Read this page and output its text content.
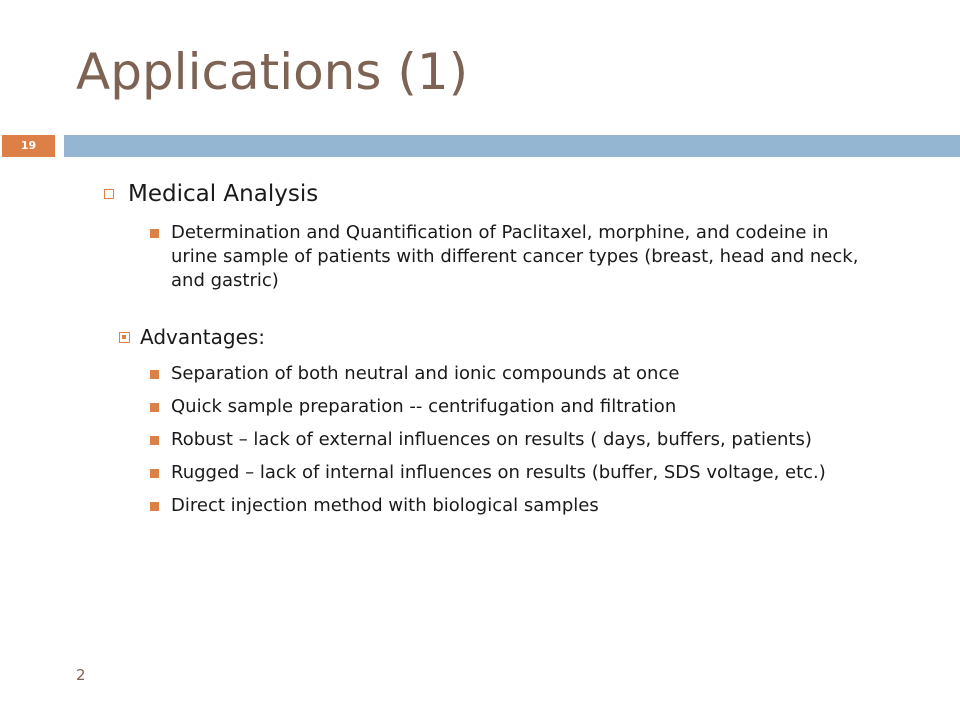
Applications (1)
19
Medical Analysis
Determination and Quantification of Paclitaxel, morphine, and codeine in urine sample of patients with different cancer types (breast, head and neck, and gastric)
Advantages:
Separation of both neutral and ionic compounds at once
Quick sample preparation -- centrifugation and filtration
Robust – lack of external influences on results ( days, buffers, patients)
Rugged – lack of internal influences on results (buffer, SDS voltage, etc.)
Direct injection method with biological samples
2
